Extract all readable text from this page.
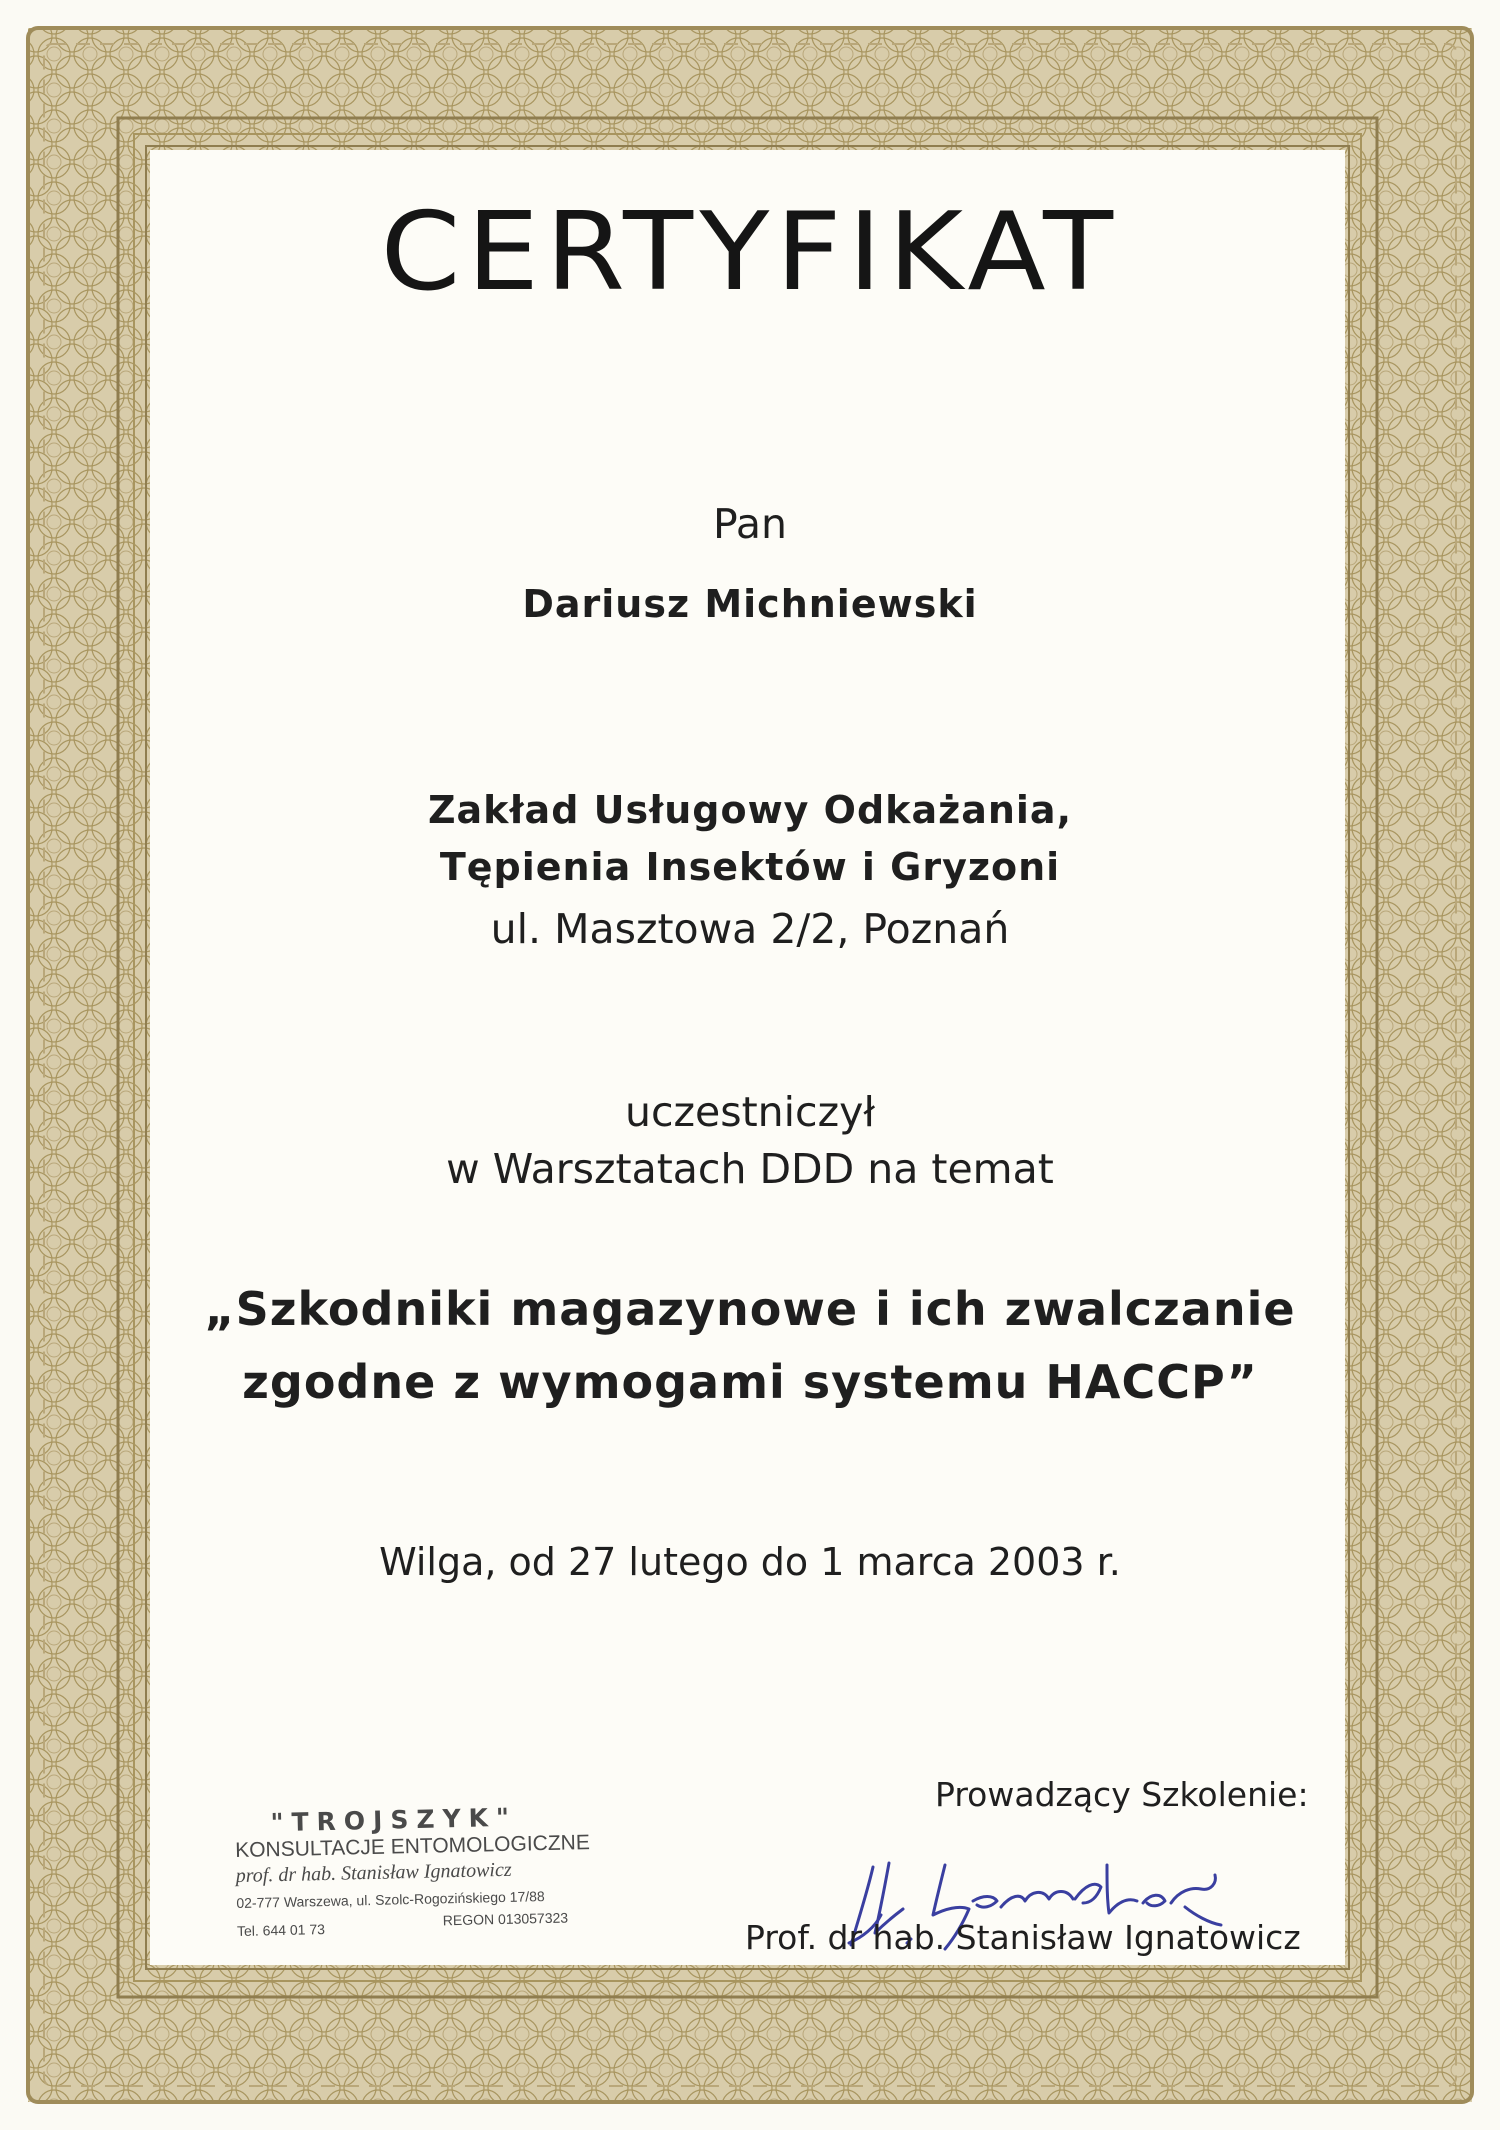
CERTYFIKAT
Pan
Dariusz Michniewski
Zakład Usługowy Odkażania,
Tępienia Insektów i Gryzoni
ul. Masztowa 2/2, Poznań
uczestniczył
w Warsztatach DDD na temat
„Szkodniki magazynowe i ich zwalczanie
zgodne z wymogami systemu HACCP”
Wilga, od 27 lutego do 1 marca 2003 r.
"TROJSZYK"
KONSULTACJE ENTOMOLOGICZNE
prof. dr hab. Stanisław Ignatowicz
02-777 Warszewa, ul. Szolc-Rogozińskiego 17/88
Tel. 644 01 73
REGON 013057323
Prowadzący Szkolenie:
Prof. dr hab. Stanisław Ignatowicz
